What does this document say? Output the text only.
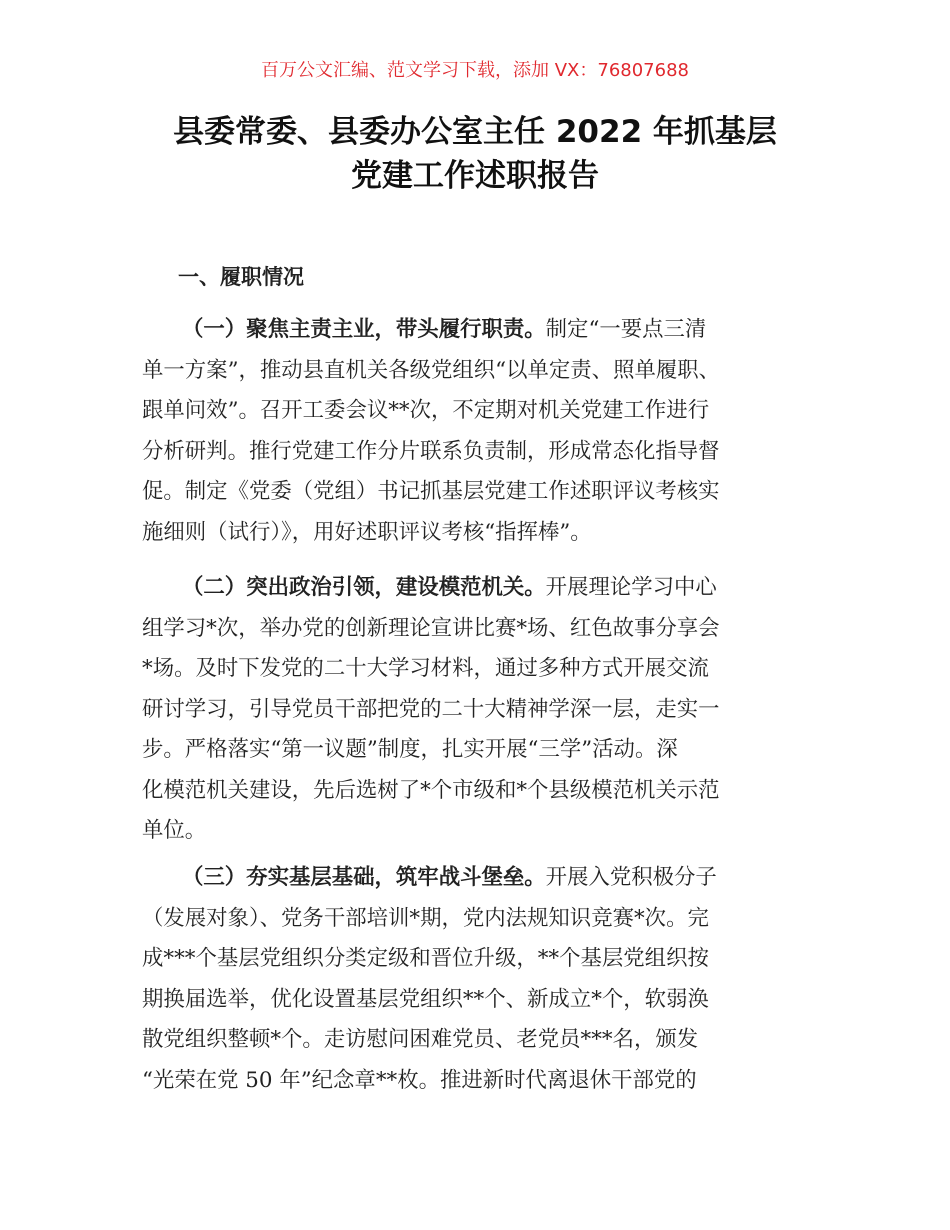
百万公文汇编、范文学习下载，添加 VX：76807688
县委常委、县委办公室主任 2022 年抓基层
党建工作述职报告
一、履职情况
（一）聚焦主责主业，带头履行职责。制定“一要点三清
单一方案”，推动县直机关各级党组织“以单定责、照单履职、
跟单问效”。召开工委会议**次，不定期对机关党建工作进行
分析研判。推行党建工作分片联系负责制，形成常态化指导督
促。制定《党委（党组）书记抓基层党建工作述职评议考核实
施细则（试行）》，用好述职评议考核“指挥棒”。
（二）突出政治引领，建设模范机关。开展理论学习中心
组学习*次，举办党的创新理论宣讲比赛*场、红色故事分享会
*场。及时下发党的二十大学习材料，通过多种方式开展交流
研讨学习，引导党员干部把党的二十大精神学深一层，走实一
步。严格落实“第一议题”制度，扎实开展“三学”活动。深
化模范机关建设，先后选树了*个市级和*个县级模范机关示范
单位。
（三）夯实基层基础，筑牢战斗堡垒。开展入党积极分子
（发展对象）、党务干部培训*期，党内法规知识竞赛*次。完
成***个基层党组织分类定级和晋位升级，**个基层党组织按
期换届选举，优化设置基层党组织**个、新成立*个，软弱涣
散党组织整顿*个。走访慰问困难党员、老党员***名，颁发
“光荣在党 50 年”纪念章**枚。推进新时代离退休干部党的
